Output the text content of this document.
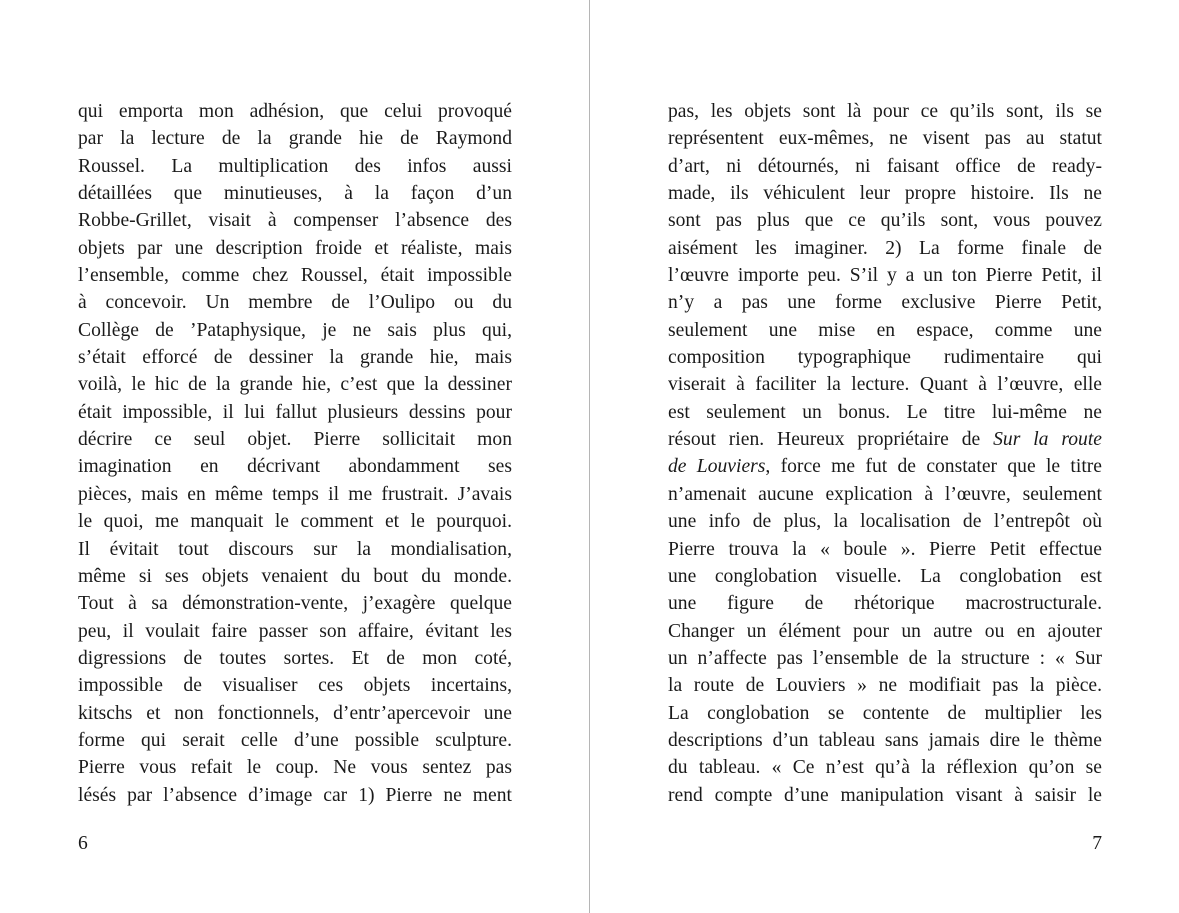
qui emporta mon adhésion, que celui provoqué
par la lecture de la grande hie de Raymond
Roussel. La multiplication des infos aussi
détaillées que minutieuses, à la façon d’un
Robbe-Grillet, visait à compenser l’absence des
objets par une description froide et réaliste, mais
l’ensemble, comme chez Roussel, était impossible
à concevoir. Un membre de l’Oulipo ou du
Collège de ’Pataphysique, je ne sais plus qui,
s’était efforcé de dessiner la grande hie, mais
voilà, le hic de la grande hie, c’est que la dessiner
était impossible, il lui fallut plusieurs dessins pour
décrire ce seul objet. Pierre sollicitait mon
imagination en décrivant abondamment ses
pièces, mais en même temps il me frustrait. J’avais
le quoi, me manquait le comment et le pourquoi.
Il évitait tout discours sur la mondialisation,
même si ses objets venaient du bout du monde.
Tout à sa démonstration-vente, j’exagère quelque
peu, il voulait faire passer son affaire, évitant les
digressions de toutes sortes. Et de mon coté,
impossible de visualiser ces objets incertains,
kitschs et non fonctionnels, d’entr’apercevoir une
forme qui serait celle d’une possible sculpture.
Pierre vous refait le coup. Ne vous sentez pas
lésés par l’absence d’image car 1) Pierre ne ment
6
pas, les objets sont là pour ce qu’ils sont, ils se
représentent eux-mêmes, ne visent pas au statut
d’art, ni détournés, ni faisant office de ready-
made, ils véhiculent leur propre histoire. Ils ne
sont pas plus que ce qu’ils sont, vous pouvez
aisément les imaginer. 2) La forme finale de
l’œuvre importe peu. S’il y a un ton Pierre Petit, il
n’y a pas une forme exclusive Pierre Petit,
seulement une mise en espace, comme une
composition typographique rudimentaire qui
viserait à faciliter la lecture. Quant à l’œuvre, elle
est seulement un bonus. Le titre lui-même ne
résout rien. Heureux propriétaire de Sur la route
de Louviers, force me fut de constater que le titre
n’amenait aucune explication à l’œuvre, seulement
une info de plus, la localisation de l’entrepôt où
Pierre trouva la « boule ». Pierre Petit effectue
une conglobation visuelle. La conglobation est
une figure de rhétorique macrostructurale.
Changer un élément pour un autre ou en ajouter
un n’affecte pas l’ensemble de la structure : « Sur
la route de Louviers » ne modifiait pas la pièce.
La conglobation se contente de multiplier les
descriptions d’un tableau sans jamais dire le thème
du tableau. « Ce n’est qu’à la réflexion qu’on se
rend compte d’une manipulation visant à saisir le
7
